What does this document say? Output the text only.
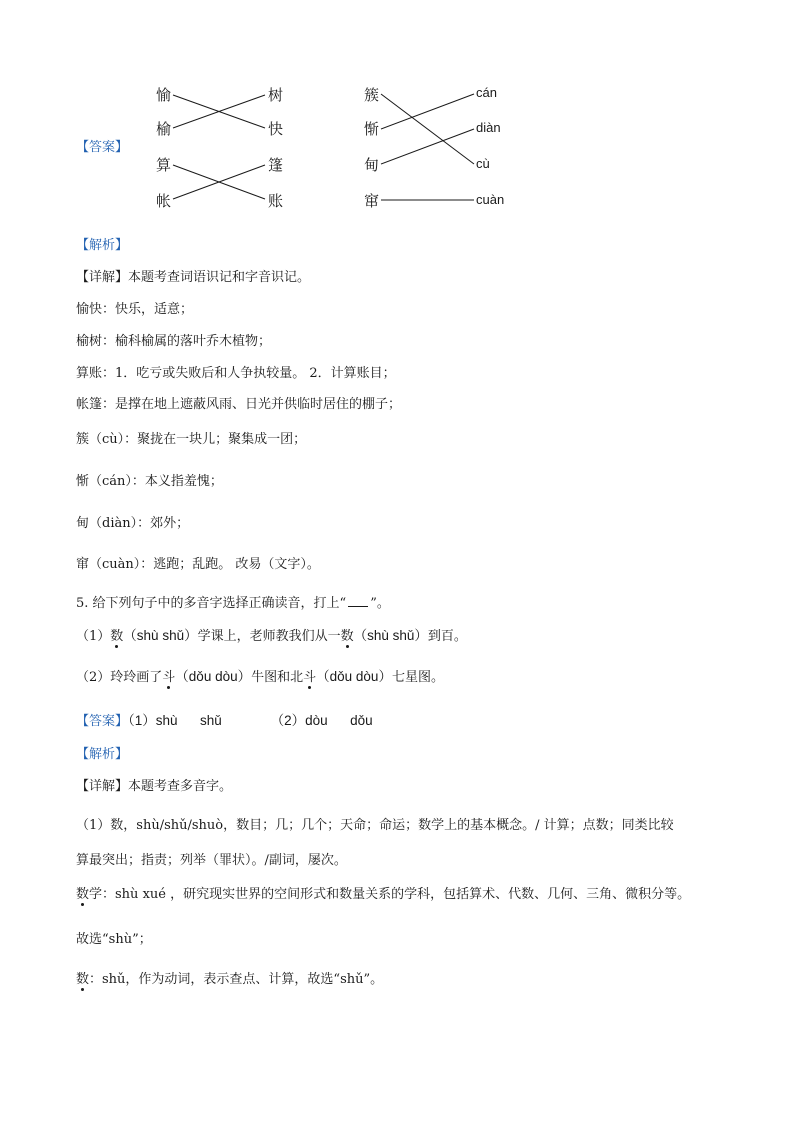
【答案】
愉
榆
算
帐
树
快
篷
账
簇
惭
甸
窜
cán
diàn
cù
cuàn
【解析】
【详解】本题考查词语识记和字音识记。
愉快：快乐，适意；
榆树：榆科榆属的落叶乔木植物；
算账：1．吃亏或失败后和人争执较量。 2．计算账目；
帐篷：是撑在地上遮蔽风雨、日光并供临时居住的棚子；
簇（cù）：聚拢在一块儿；聚集成一团；
惭（cán）：本义指羞愧；
甸（diàn）：郊外；
窜（cuàn）：逃跑；乱跑。 改易（文字）。
5. 给下列句子中的多音字选择正确读音，打上“ ”。
（1）数（shù shǔ）学课上，老师教我们从一数（shù shǔ）到百。
（2）玲玲画了斗（dǒu dòu）牛图和北斗（dǒu dòu）七星图。
【答案】（1）shù      shǔ             （2）dòu      dǒu
【解析】
【详解】本题考查多音字。
（1）数，shù/shǔ/shuò，数目；几；几个；天命；命运；数学上的基本概念。/ 计算；点数；同类比较
算最突出；指责；列举（罪状）。/副词，屡次。
数学：shù xué ，研究现实世界的空间形式和数量关系的学科，包括算术、代数、几何、三角、微积分等。
故选“shù”；
数：shǔ，作为动词，表示查点、计算，故选“shǔ”。
